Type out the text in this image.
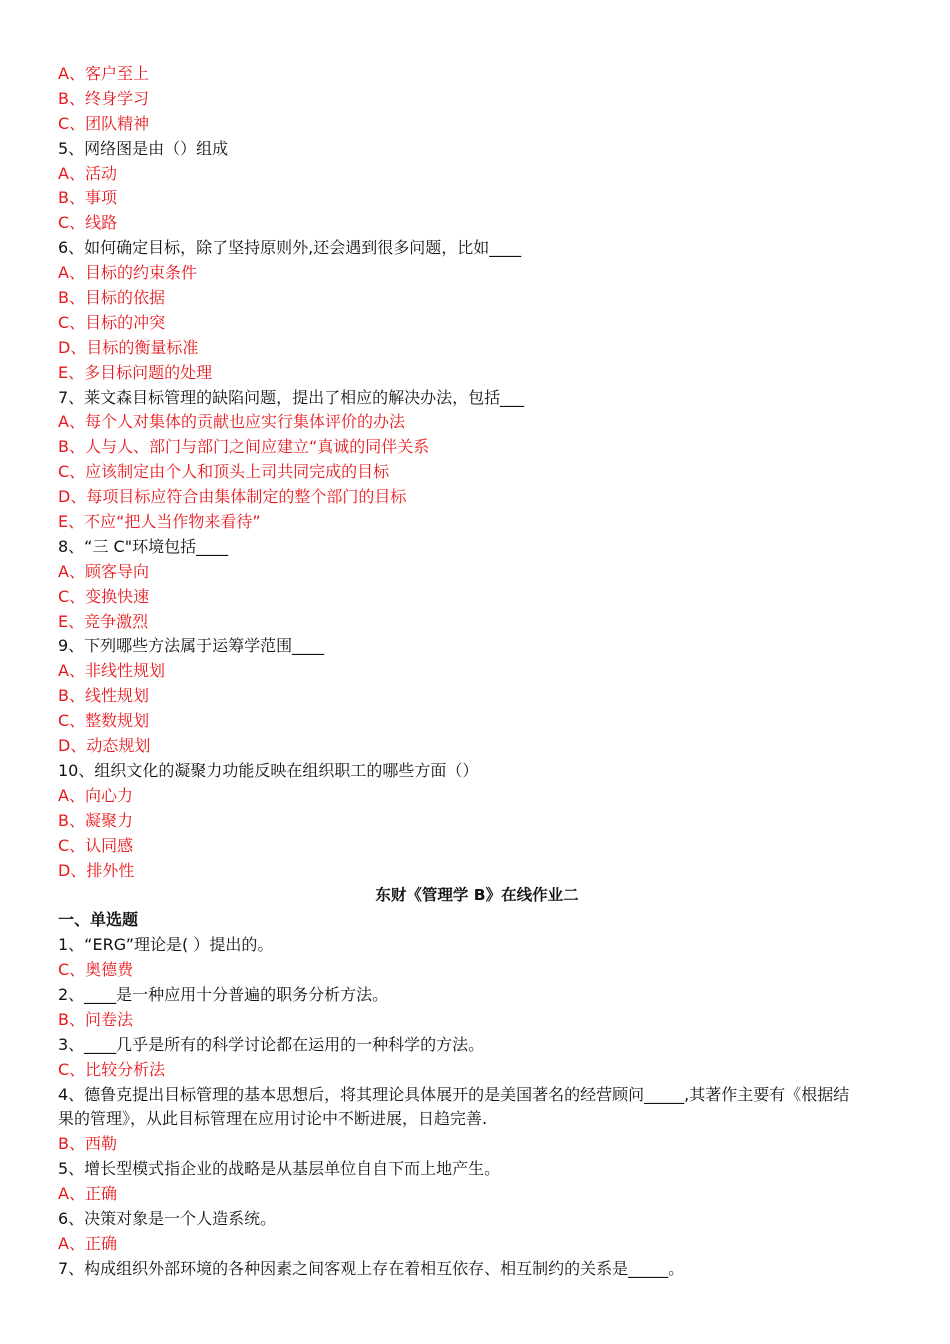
A、客户至上
B、终身学习
C、团队精神
5、网络图是由（）组成
A、活动
B、事项
C、线路
6、如何确定目标，除了坚持原则外,还会遇到很多问题，比如____
A、目标的约束条件
B、目标的依据
C、目标的冲突
D、目标的衡量标准
E、多目标问题的处理
7、莱文森目标管理的缺陷问题，提出了相应的解决办法，包括___
A、每个人对集体的贡献也应实行集体评价的办法
B、人与人、部门与部门之间应建立“真诚的同伴关系
C、应该制定由个人和顶头上司共同完成的目标
D、每项目标应符合由集体制定的整个部门的目标
E、不应“把人当作物来看待”
8、“三 C"环境包括____
A、顾客导向
C、变换快速
E、竞争激烈
9、下列哪些方法属于运筹学范围____
A、非线性规划
B、线性规划
C、整数规划
D、动态规划
10、组织文化的凝聚力功能反映在组织职工的哪些方面（）
A、向心力
B、凝聚力
C、认同感
D、排外性
东财《管理学 B》在线作业二
一、单选题
1、“ERG”理论是( ）提出的。
C、奥德费
2、____是一种应用十分普遍的职务分析方法。
B、问卷法
3、____几乎是所有的科学讨论都在运用的一种科学的方法。
C、比较分析法
4、德鲁克提出目标管理的基本思想后，将其理论具体展开的是美国著名的经营顾问_____,其著作主要有《根据结
果的管理》，从此目标管理在应用讨论中不断进展，日趋完善.
B、西勒
5、增长型模式指企业的战略是从基层单位自自下而上地产生。
A、正确
6、决策对象是一个人造系统。
A、正确
7、构成组织外部环境的各种因素之间客观上存在着相互依存、相互制约的关系是_____。
